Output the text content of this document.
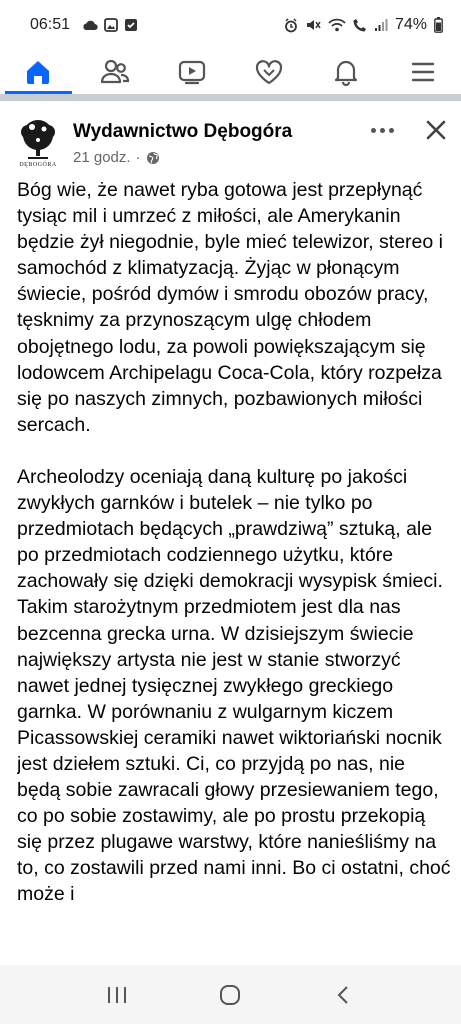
06:51	74%
DĘBOGÓRA
Wydawnictwo Dębogóra
21 godz. ·

Bóg wie, że nawet ryba gotowa jest przepłynąć tysiąc mil i umrzeć z miłości, ale Amerykanin będzie żył niegodnie, byle mieć telewizor, stereo i samochód z klimatyzacją. Żyjąc w płonącym świecie, pośród dymów i smrodu obozów pracy, tęsknimy za przynoszącym ulgę chłodem obojętnego lodu, za powoli powiększającym się lodowcem Archipelagu Coca-Cola, który rozpełza się po naszych zimnych, pozbawionych miłości sercach.

Archeolodzy oceniają daną kulturę po jakości zwykłych garnków i butelek – nie tylko po przedmiotach będących „prawdziwą” sztuką, ale po przedmiotach codziennego użytku, które zachowały się dzięki demokracji wysypisk śmieci. Takim starożytnym przedmiotem jest dla nas bezcenna grecka urna. W dzisiejszym świecie największy artysta nie jest w stanie stworzyć nawet jednej tysięcznej zwykłego greckiego garnka. W porównaniu z wulgarnym kiczem Picassowskiej ceramiki nawet wiktoriański nocnik jest dziełem sztuki. Ci, co przyjdą po nas, nie będą sobie zawracali głowy przesiewaniem tego, co po sobie zostawimy, ale po prostu przekopią się przez plugawe warstwy, które naniеślіśmy na to, co zostawili przed nami inni. Bo ci ostatni, choć może i
